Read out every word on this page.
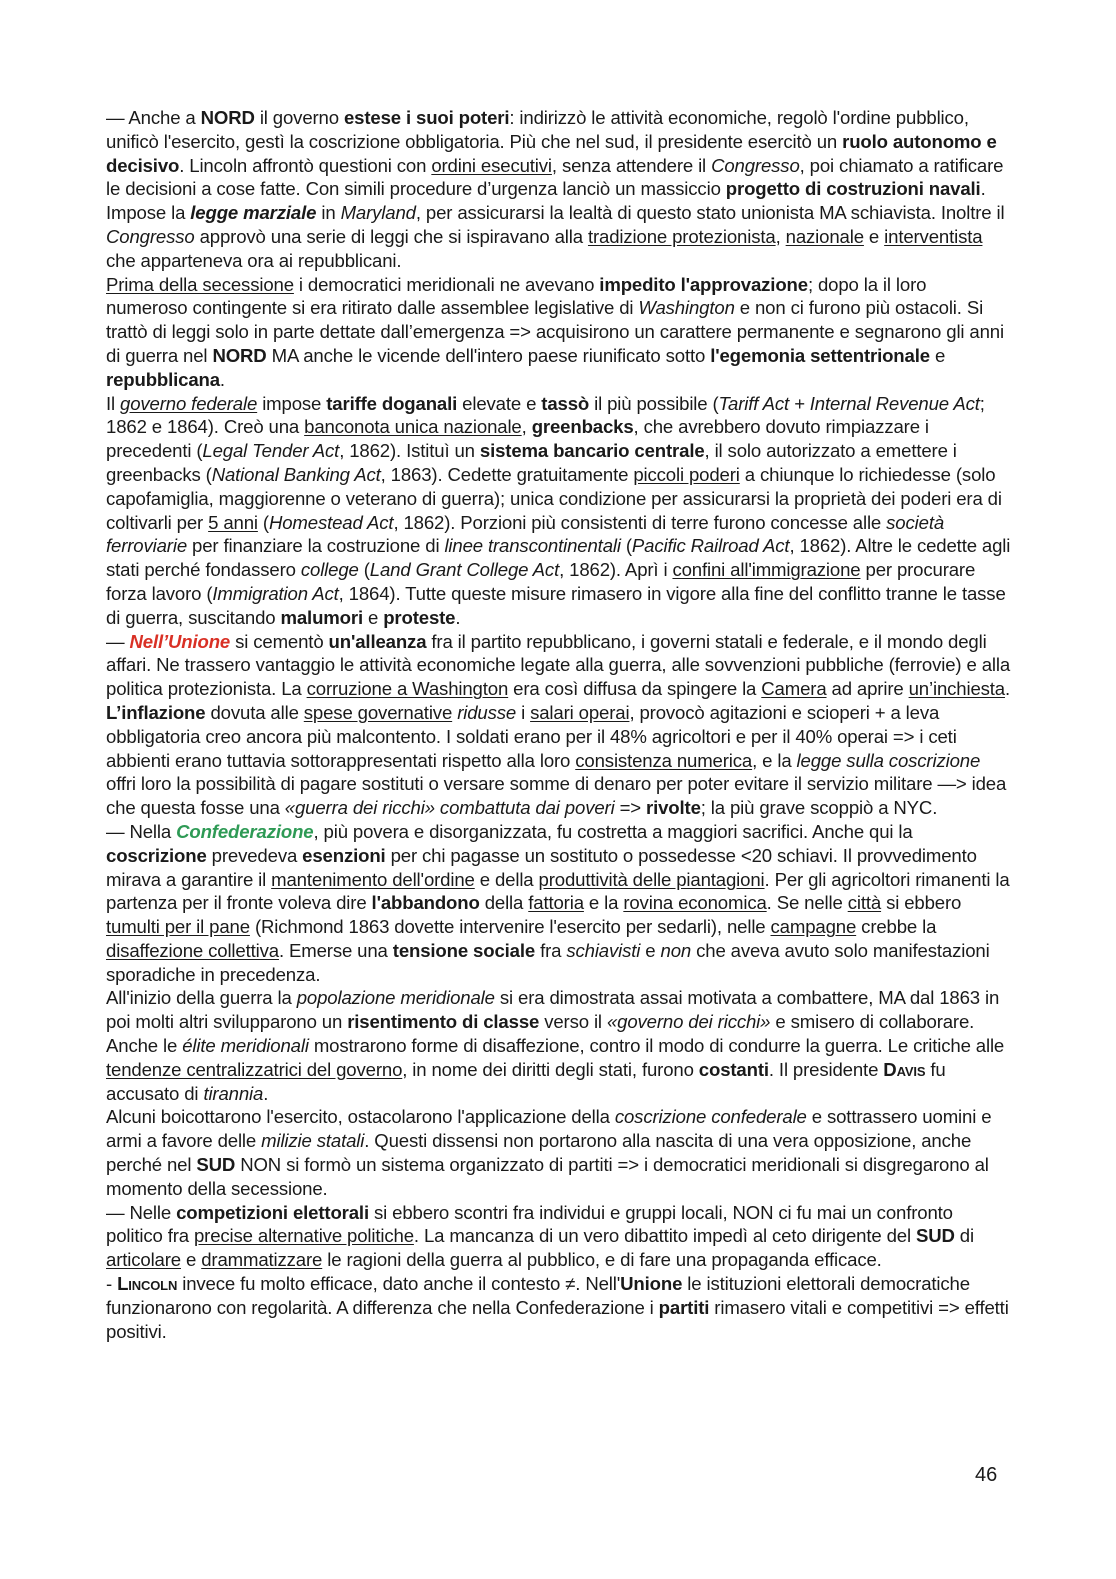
— Anche a NORD il governo estese i suoi poteri: indirizzò le attività economiche, regolò l'ordine pubblico, unificò l'esercito, gestì la coscrizione obbligatoria. Più che nel sud, il presidente esercitò un ruolo autonomo e decisivo. Lincoln affrontò questioni con ordini esecutivi, senza attendere il Congresso, poi chiamato a ratificare le decisioni a cose fatte. Con simili procedure d’urgenza lanciò un massiccio progetto di costruzioni navali. Impose la legge marziale in Maryland, per assicurarsi la lealtà di questo stato unionista MA schiavista. Inoltre il Congresso approvò una serie di leggi che si ispiravano alla tradizione protezionista, nazionale e interventista che apparteneva ora ai repubblicani.

Prima della secessione i democratici meridionali ne avevano impedito l'approvazione; dopo la il loro numeroso contingente si era ritirato dalle assemblee legislative di Washington e non ci furono più ostacoli. Si trattò di leggi solo in parte dettate dall’emergenza => acquisirono un carattere permanente e segnarono gli anni di guerra nel NORD MA anche le vicende dell'intero paese riunificato sotto l'egemonia settentrionale e repubblicana.

Il governo federale impose tariffe doganali elevate e tassò il più possibile (Tariff Act + Internal Revenue Act; 1862 e 1864). Creò una banconota unica nazionale, greenbacks, che avrebbero dovuto rimpiazzare i precedenti (Legal Tender Act, 1862). Istituì un sistema bancario centrale, il solo autorizzato a emettere i greenbacks (National Banking Act, 1863). Cedette gratuitamente piccoli poderi a chiunque lo richiedesse (solo capofamiglia, maggiorenne o veterano di guerra); unica condizione per assicurarsi la proprietà dei poderi era di coltivarli per 5 anni (Homestead Act, 1862). Porzioni più consistenti di terre furono concesse alle società ferroviarie per finanziare la costruzione di linee transcontinentali (Pacific Railroad Act, 1862). Altre le cedette agli stati perché fondassero college (Land Grant College Act, 1862). Aprì i confini all'immigrazione per procurare forza lavoro (Immigration Act, 1864). Tutte queste misure rimasero in vigore alla fine del conflitto tranne le tasse di guerra, suscitando malumori e proteste.

— Nell’Unione si cementò un'alleanza fra il partito repubblicano, i governi statali e federale, e il mondo degli affari. Ne trassero vantaggio le attività economiche legate alla guerra, alle sovvenzioni pubbliche (ferrovie) e alla politica protezionista. La corruzione a Washington era così diffusa da spingere la Camera ad aprire un’inchiesta.

L’inflazione dovuta alle spese governative ridusse i salari operai, provocò agitazioni e scioperi + a leva obbligatoria creo ancora più malcontento. I soldati erano per il 48% agricoltori e per il 40% operai => i ceti abbienti erano tuttavia sottorappresentati rispetto alla loro consistenza numerica, e la legge sulla coscrizione offri loro la possibilità di pagare sostituti o versare somme di denaro per poter evitare il servizio militare —> idea che questa fosse una «guerra dei ricchi» combattuta dai poveri => rivolte; la più grave scoppiò a NYC.

— Nella Confederazione, più povera e disorganizzata, fu costretta a maggiori sacrifici. Anche qui la coscrizione prevedeva esenzioni per chi pagasse un sostituto o possedesse <20 schiavi. Il provvedimento mirava a garantire il mantenimento dell'ordine e della produttività delle piantagioni. Per gli agricoltori rimanenti la partenza per il fronte voleva dire l'abbandono della fattoria e la rovina economica. Se nelle città si ebbero tumulti per il pane (Richmond 1863 dovette intervenire l'esercito per sedarli), nelle campagne crebbe la disaffezione collettiva. Emerse una tensione sociale fra schiavisti e non che aveva avuto solo manifestazioni sporadiche in precedenza.

All'inizio della guerra la popolazione meridionale si era dimostrata assai motivata a combattere, MA dal 1863 in poi molti altri svilupparono un risentimento di classe verso il «governo dei ricchi» e smisero di collaborare. Anche le élite meridionali mostrarono forme di disaffezione, contro il modo di condurre la guerra. Le critiche alle tendenze centralizzatrici del governo, in nome dei diritti degli stati, furono costanti. Il presidente Davis fu accusato di tirannia.

Alcuni boicottarono l'esercito, ostacolarono l'applicazione della coscrizione confederale e sottrassero uomini e armi a favore delle milizie statali. Questi dissensi non portarono alla nascita di una vera opposizione, anche perché nel SUD NON si formò un sistema organizzato di partiti => i democratici meridionali si disgregarono al momento della secessione.

— Nelle competizioni elettorali si ebbero scontri fra individui e gruppi locali, NON ci fu mai un confronto politico fra precise alternative politiche. La mancanza di un vero dibattito impedì al ceto dirigente del SUD di articolare e drammatizzare le ragioni della guerra al pubblico, e di fare una propaganda efficace.

- Lincoln invece fu molto efficace, dato anche il contesto ≠. Nell'Unione le istituzioni elettorali democratiche funzionarono con regolarità. A differenza che nella Confederazione i partiti rimasero vitali e competitivi => effetti positivi.

46
